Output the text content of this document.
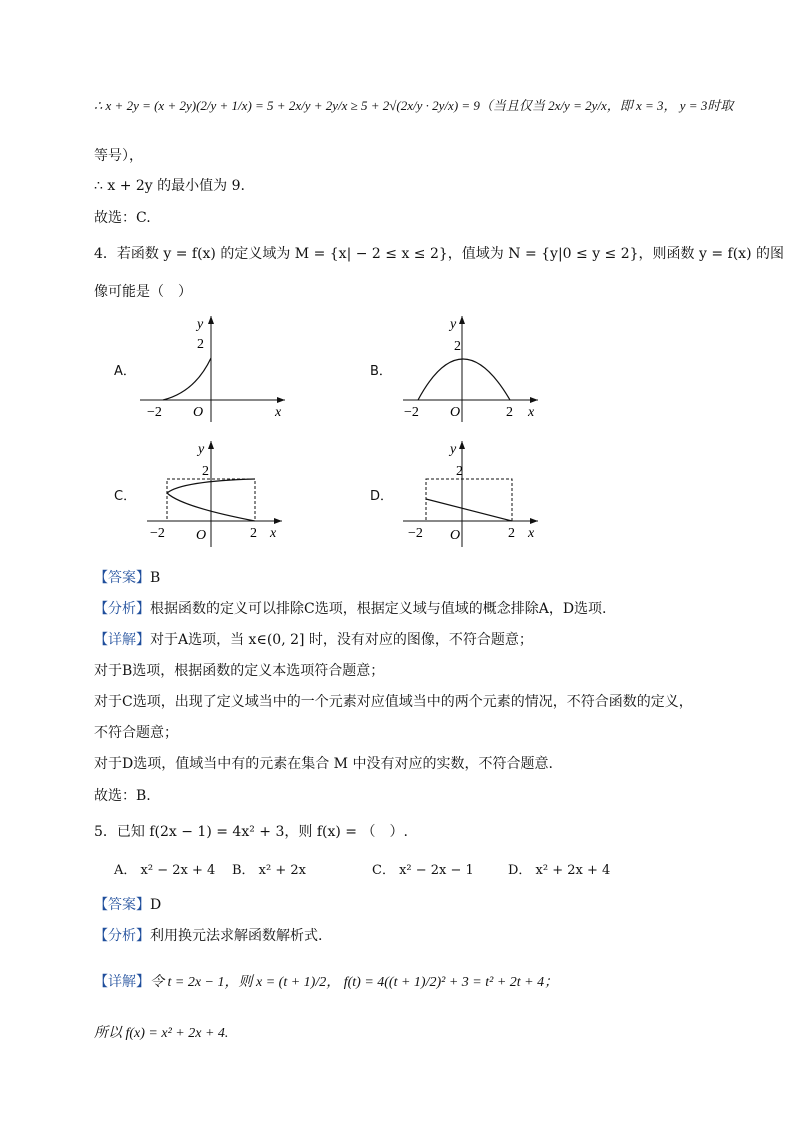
∴ x + 2y = (x + 2y)(2/y + 1/x) = 5 + 2x/y + 2y/x ≥ 5 + 2√(2x/y · 2y/x) = 9（当且仅当 2x/y = 2y/x，即 x = 3， y = 3时取
等号），
∴ x + 2y 的最小值为 9.
故选：C.
4．若函数 y = f(x) 的定义域为 M = {x| − 2 ≤ x ≤ 2}，值域为 N = {y|0 ≤ y ≤ 2}，则函数 y = f(x) 的图
像可能是（　）
A．
y
2
−2 O	x
B．
y
2
−2 O	2 x
C．
y
2
−2 O	2 x
D．
y
2
−2 O	2 x
【答案】B
【分析】根据函数的定义可以排除C选项，根据定义域与值域的概念排除A，D选项.
【详解】对于A选项，当 x∈(0, 2] 时，没有对应的图像，不符合题意；
对于B选项，根据函数的定义本选项符合题意；
对于C选项，出现了定义域当中的一个元素对应值域当中的两个元素的情况，不符合函数的定义，
不符合题意；
对于D选项，值域当中有的元素在集合 M 中没有对应的实数，不符合题意.
故选：B.
5．已知 f(2x − 1) = 4x² + 3，则 f(x) = （　）.
A． x² − 2x + 4 B． x² + 2x	C． x² − 2x − 1	D． x² + 2x + 4
【答案】D
【分析】利用换元法求解函数解析式.
【详解】令 t = 2x − 1，则 x = (t + 1)/2， f(t) = 4((t + 1)/2)² + 3 = t² + 2t + 4；
所以 f(x) = x² + 2x + 4.
